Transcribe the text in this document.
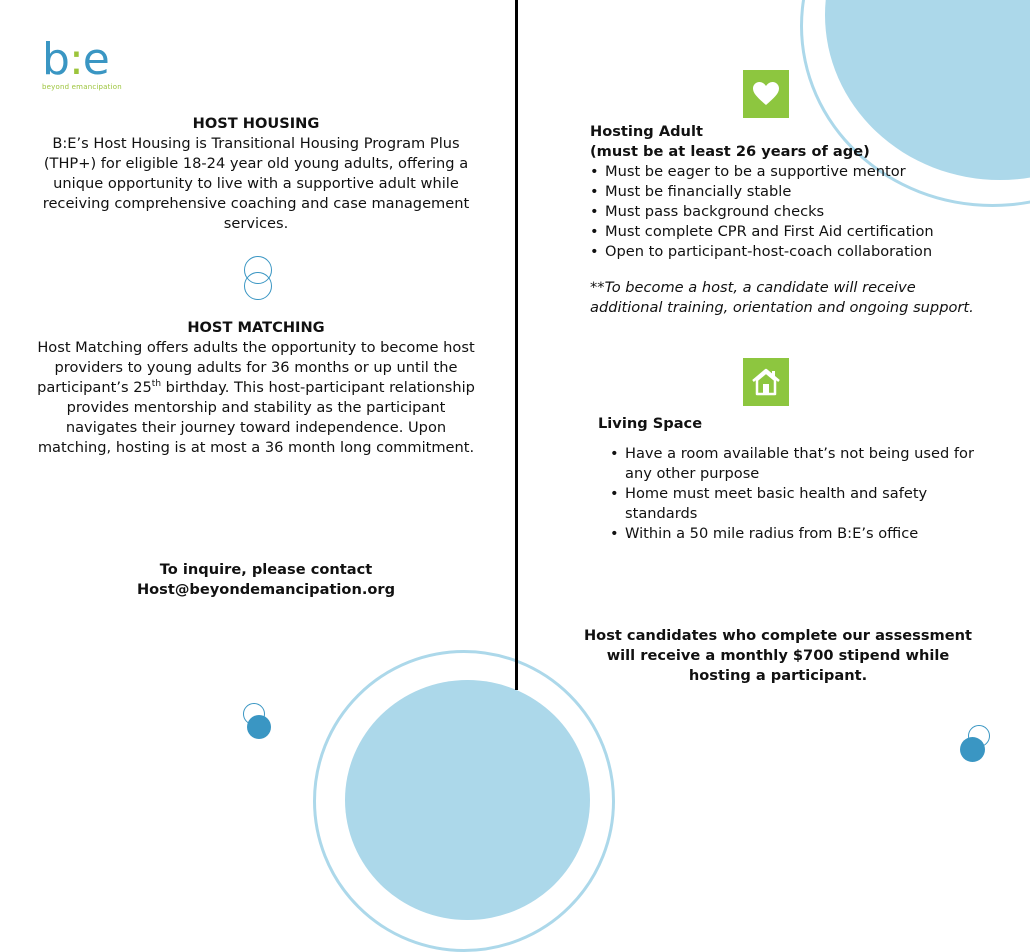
b:e
beyond emancipation
HOST HOUSING

B:E’s Host Housing is Transitional Housing Program Plus (THP+) for eligible 18-24 year old young adults, offering a unique opportunity to live with a supportive adult while receiving comprehensive coaching and case management services.

HOST MATCHING

Host Matching offers adults the opportunity to become host providers to young adults for 36 months or up until the participant’s 25th birthday. This host-participant relationship provides mentorship and stability as the participant navigates their journey toward independence. Upon matching, hosting is at most a 36 month long commitment.

To inquire, please contact
Host@beyondemancipation.org
Hosting Adult
(must be at least 26 years of age)
• Must be eager to be a supportive mentor
• Must be financially stable
• Must pass background checks
• Must complete CPR and First Aid certification
• Open to participant-host-coach collaboration
**To become a host, a candidate will receive additional training, orientation and ongoing support.
Living Space
• Have a room available that’s not being used for any other purpose
• Home must meet basic health and safety standards
• Within a 50 mile radius from B:E’s office
Host candidates who complete our assessment will receive a monthly $700 stipend while hosting a participant.
